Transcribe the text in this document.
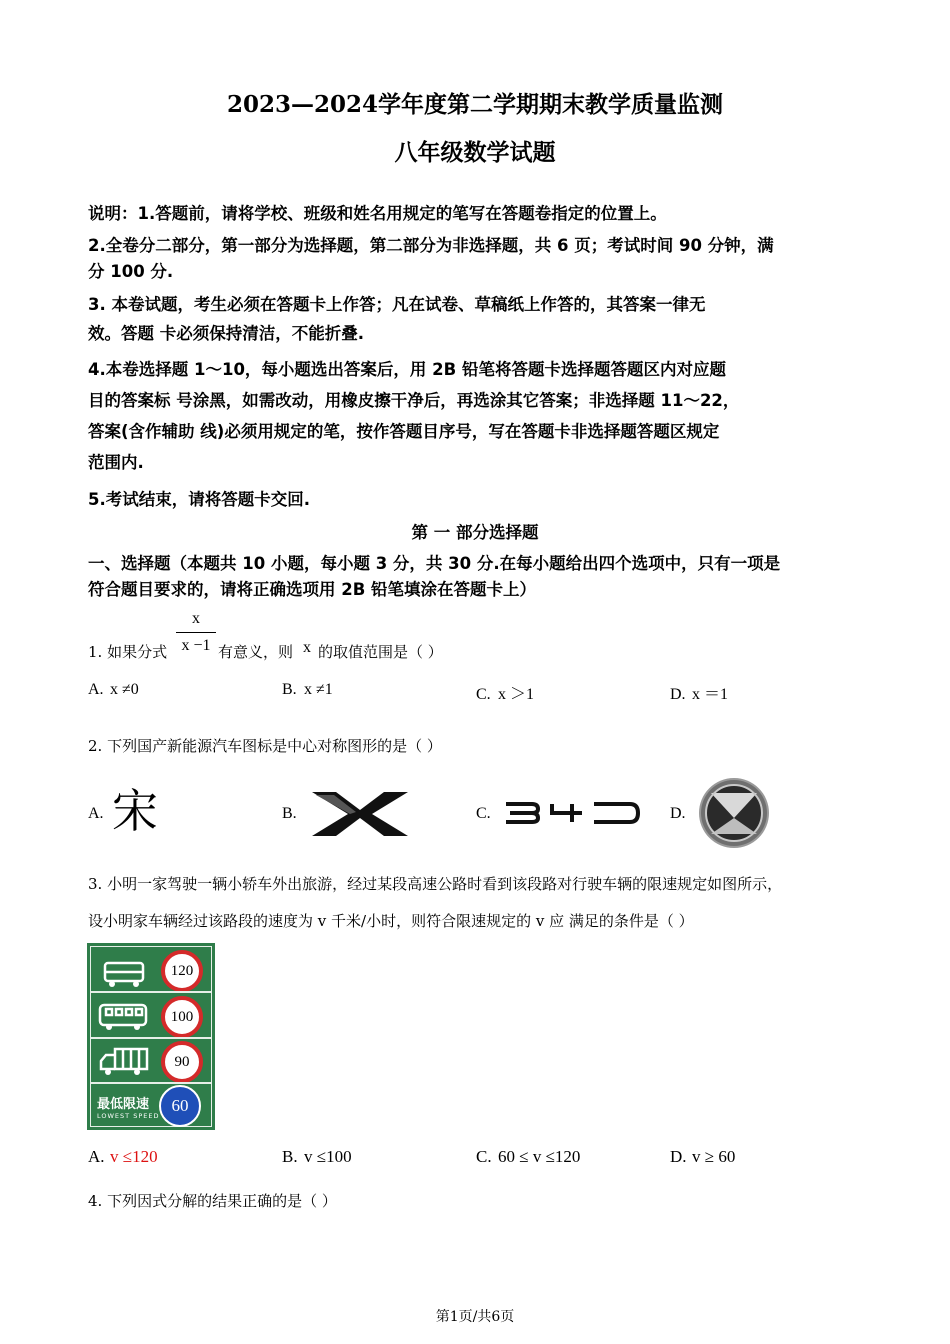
2023—2024学年度第二学期期末教学质量监测
八年级数学试题
说明：1.答题前，请将学校、班级和姓名用规定的笔写在答题卷指定的位置上。
2.全卷分二部分，第一部分为选择题，第二部分为非选择题，共 6 页；考试时间 90 分钟，满
分 100 分.
3. 本卷试题，考生必须在答题卡上作答；凡在试卷、草稿纸上作答的，其答案一律无
效。答题 卡必须保持清洁，不能折叠.
4.本卷选择题 1～10，每小题选出答案后，用 2B 铅笔将答题卡选择题答题区内对应题
目的答案标 号涂黑，如需改动，用橡皮擦干净后，再选涂其它答案；非选择题 11～22，
答案(含作辅助 线)必须用规定的笔，按作答题目序号，写在答题卡非选择题答题区规定
范围内.
5.考试结束，请将答题卡交回.
第 一 部分选择题
一、选择题（本题共 10 小题，每小题 3 分，共 30 分.在每小题给出四个选项中，只有一项是
符合题目要求的，请将正确选项用 2B 铅笔填涂在答题卡上）
1. 如果分式
x
x −1 有意义，则 x 的取值范围是（ ）
A. x ≠0	B. x ≠1	C. x ＞1	D. x ＝1
2. 下列国产新能源汽车图标是中心对称图形的是（ ）
A. 宋	B.	C.	D.
3. 小明一家驾驶一辆小轿车外出旅游，经过某段高速公路时看到该段路对行驶车辆的限速规定如图所示，
设小明家车辆经过该路段的速度为 v 千米/小时，则符合限速规定的 v 应 满足的条件是（ ）
120
100
90
最低限速
LOWEST SPEED
60
A. v ≤120	B. v ≤100	C. 60 ≤ v ≤120	D. v ≥ 60
4. 下列因式分解的结果正确的是（ ）
第1页/共6页
